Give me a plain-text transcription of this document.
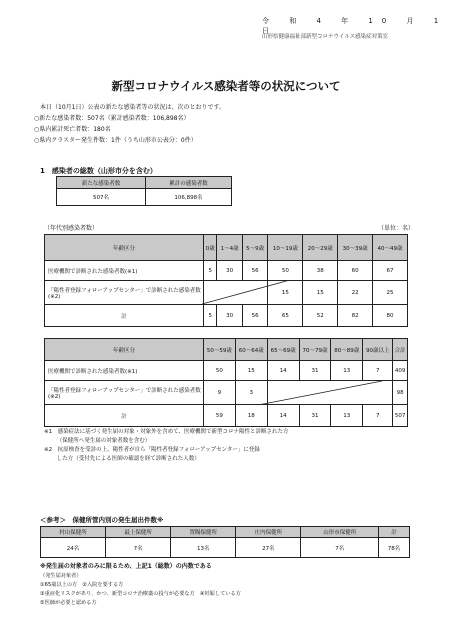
令 和 4 年 10 月 1 日
山形県健康福祉部新型コロナウイルス感染症対策室
新型コロナウイルス感染者等の状況について
本日（10月1日）公表の新たな感染者等の状況は、次のとおりです。
○新たな感染者数：507名（累計感染者数：106,898名）
○県内累計死亡者数：180名
○県内クラスター発生件数：1件（うち山形市公表分：0件）
1　感染者の総数（山形市分を含む）
新たな感染者数	累計の感染者数
507名	106,898名
（年代別感染者数）	（単位：名）
年齢区分	0歳	1～4歳	5～9歳	10～19歳	20～29歳	30～39歳	40～49歳
医療機関で診断された感染者数(※1)	5	30	56	50	38	60	67
「陽性者登録フォローアップセンター」で診断された感染者数(※2)				15	15	22	25
計	5	30	56	65	52	82	80
年齢区分	50～59歳	60～64歳	65～69歳	70～79歳	80～89歳	90歳以上	合計
医療機関で診断された感染者数(※1)	50	15	14	31	13	7	409
「陽性者登録フォローアップセンター」で診断された感染者数(※2)	9	3					98
計	59	18	14	31	13	7	507
※1　感染症法に基づく発生届の対象・対象外を含めて、医療機関で新型コロナ陽性と診断された方
　　 （保健所へ発生届の対象者数を含む）
※2　抗原検査を受診の上、陽性者が自ら「陽性者登録フォローアップセンター」に登録
　　 した方（受付先による医師の確認を経て診断された人数）
＜参考＞　保健所管内別の発生届出件数※
村山保健所	最上保健所	置賜保健所	庄内保健所	山形市保健所	計
24名	7名	13名	27名	7名	78名
※発生届の対象者のみに限るため、上記1（総数）の内数である
（発生届対象者）
①65歳以上の方　②入院を要する方
③重症化リスクがあり、かつ、新型コロナ治療薬の投与が必要な方　④妊娠している方
⑤医師が必要と認める方
